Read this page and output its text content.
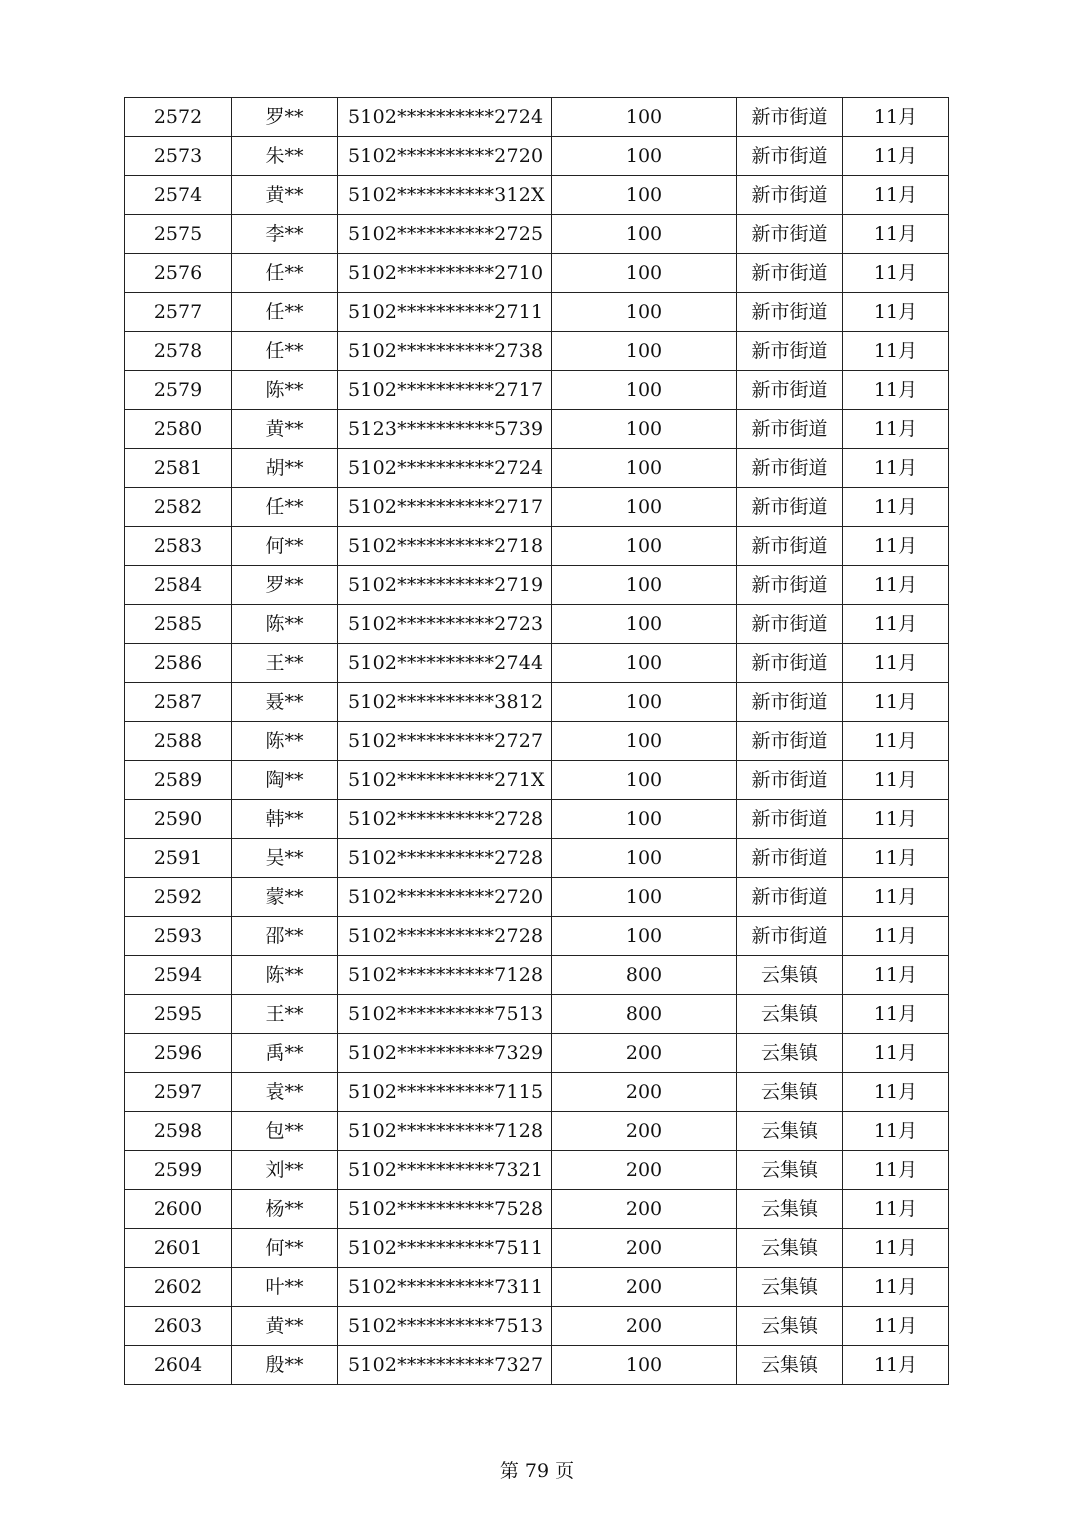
2572	罗**	5102**********2724	100	新市街道	11月
2573	朱**	5102**********2720	100	新市街道	11月
2574	黄**	5102**********312X	100	新市街道	11月
2575	李**	5102**********2725	100	新市街道	11月
2576	任**	5102**********2710	100	新市街道	11月
2577	任**	5102**********2711	100	新市街道	11月
2578	任**	5102**********2738	100	新市街道	11月
2579	陈**	5102**********2717	100	新市街道	11月
2580	黄**	5123**********5739	100	新市街道	11月
2581	胡**	5102**********2724	100	新市街道	11月
2582	任**	5102**********2717	100	新市街道	11月
2583	何**	5102**********2718	100	新市街道	11月
2584	罗**	5102**********2719	100	新市街道	11月
2585	陈**	5102**********2723	100	新市街道	11月
2586	王**	5102**********2744	100	新市街道	11月
2587	聂**	5102**********3812	100	新市街道	11月
2588	陈**	5102**********2727	100	新市街道	11月
2589	陶**	5102**********271X	100	新市街道	11月
2590	韩**	5102**********2728	100	新市街道	11月
2591	吴**	5102**********2728	100	新市街道	11月
2592	蒙**	5102**********2720	100	新市街道	11月
2593	邵**	5102**********2728	100	新市街道	11月
2594	陈**	5102**********7128	800	云集镇	11月
2595	王**	5102**********7513	800	云集镇	11月
2596	禹**	5102**********7329	200	云集镇	11月
2597	袁**	5102**********7115	200	云集镇	11月
2598	包**	5102**********7128	200	云集镇	11月
2599	刘**	5102**********7321	200	云集镇	11月
2600	杨**	5102**********7528	200	云集镇	11月
2601	何**	5102**********7511	200	云集镇	11月
2602	叶**	5102**********7311	200	云集镇	11月
2603	黄**	5102**********7513	200	云集镇	11月
2604	殷**	5102**********7327	100	云集镇	11月
第 79 页
